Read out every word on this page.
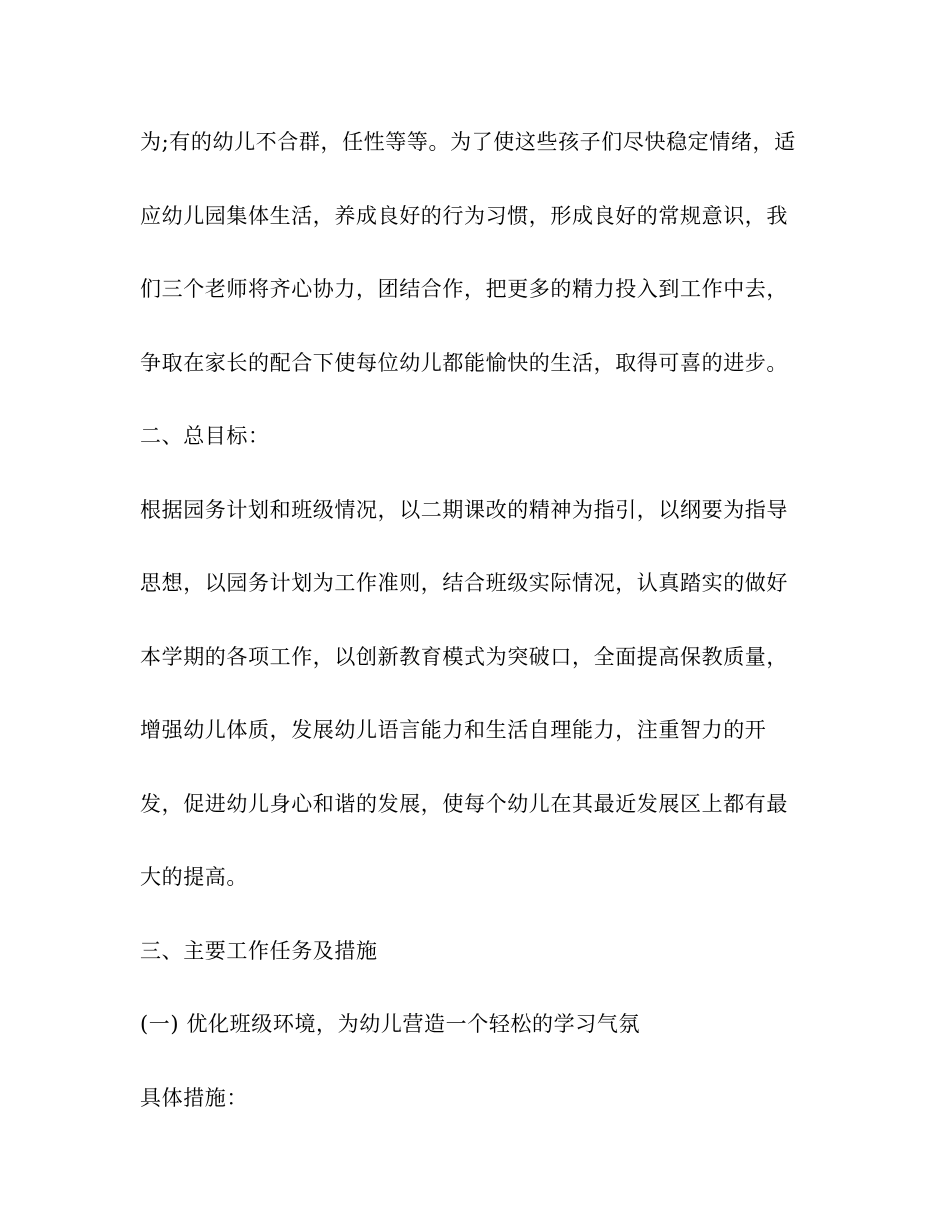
为;有的幼儿不合群，任性等等。为了使这些孩子们尽快稳定情绪，适
应幼儿园集体生活，养成良好的行为习惯，形成良好的常规意识，我
们三个老师将齐心协力，团结合作，把更多的精力投入到工作中去，
争取在家长的配合下使每位幼儿都能愉快的生活，取得可喜的进步。
二、总目标：
根据园务计划和班级情况，以二期课改的精神为指引，以纲要为指导
思想，以园务计划为工作准则，结合班级实际情况，认真踏实的做好
本学期的各项工作，以创新教育模式为突破口，全面提高保教质量，
增强幼儿体质，发展幼儿语言能力和生活自理能力，注重智力的开
发，促进幼儿身心和谐的发展，使每个幼儿在其最近发展区上都有最
大的提高。
三、主要工作任务及措施
(一) 优化班级环境，为幼儿营造一个轻松的学习气氛
具体措施：
